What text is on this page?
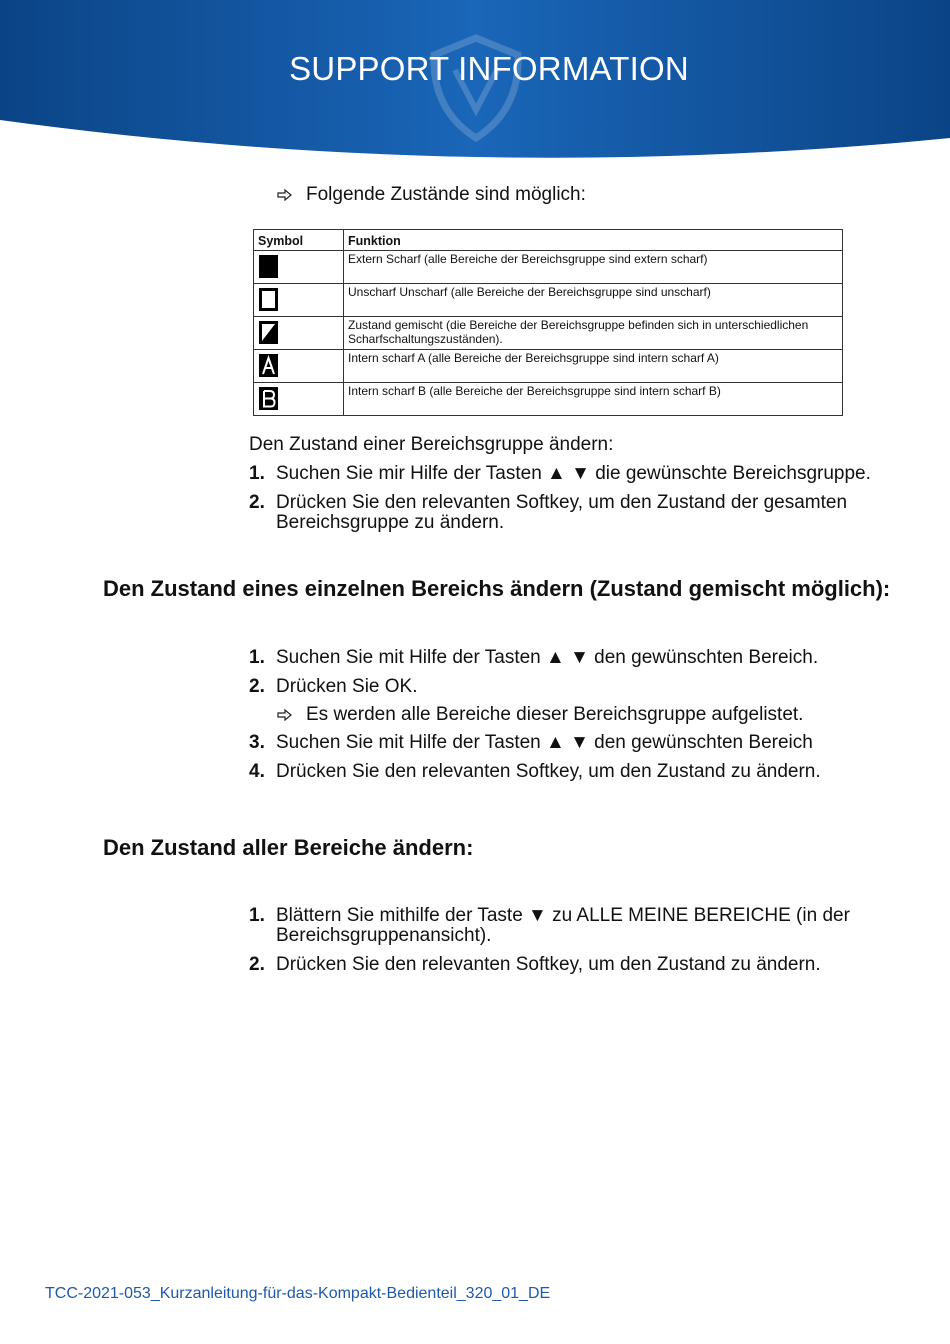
SUPPORT INFORMATION
Folgende Zustände sind möglich:
Symbol	Funktion

	Extern Scharf (alle Bereiche der Bereichsgruppe sind extern scharf)

	Unscharf Unscharf (alle Bereiche der Bereichsgruppe sind unscharf)

	Zustand gemischt (die Bereiche der Bereichsgruppe befinden sich in unterschiedlichen Scharfschaltungszuständen).

	Intern scharf A (alle Bereiche der Bereichsgruppe sind intern scharf A)

	Intern scharf B (alle Bereiche der Bereichsgruppe sind intern scharf B)
Den Zustand einer Bereichsgruppe ändern:
1. Suchen Sie mir Hilfe der Tasten ▲ ▼ die gewünschte Bereichsgruppe.
2. Drücken Sie den relevanten Softkey, um den Zustand der gesamten Bereichsgruppe zu ändern.
Den Zustand eines einzelnen Bereichs ändern (Zustand gemischt möglich):
1. Suchen Sie mit Hilfe der Tasten ▲ ▼ den gewünschten Bereich.
2. Drücken Sie OK.
Es werden alle Bereiche dieser Bereichsgruppe aufgelistet.
3. Suchen Sie mit Hilfe der Tasten ▲ ▼ den gewünschten Bereich
4. Drücken Sie den relevanten Softkey, um den Zustand zu ändern.
Den Zustand aller Bereiche ändern:
1. Blättern Sie mithilfe der Taste ▼ zu ALLE MEINE BEREICHE (in der Bereichsgruppenansicht).
2. Drücken Sie den relevanten Softkey, um den Zustand zu ändern.
TCC-2021-053_Kurzanleitung-für-das-Kompakt-Bedienteil_320_01_DE
